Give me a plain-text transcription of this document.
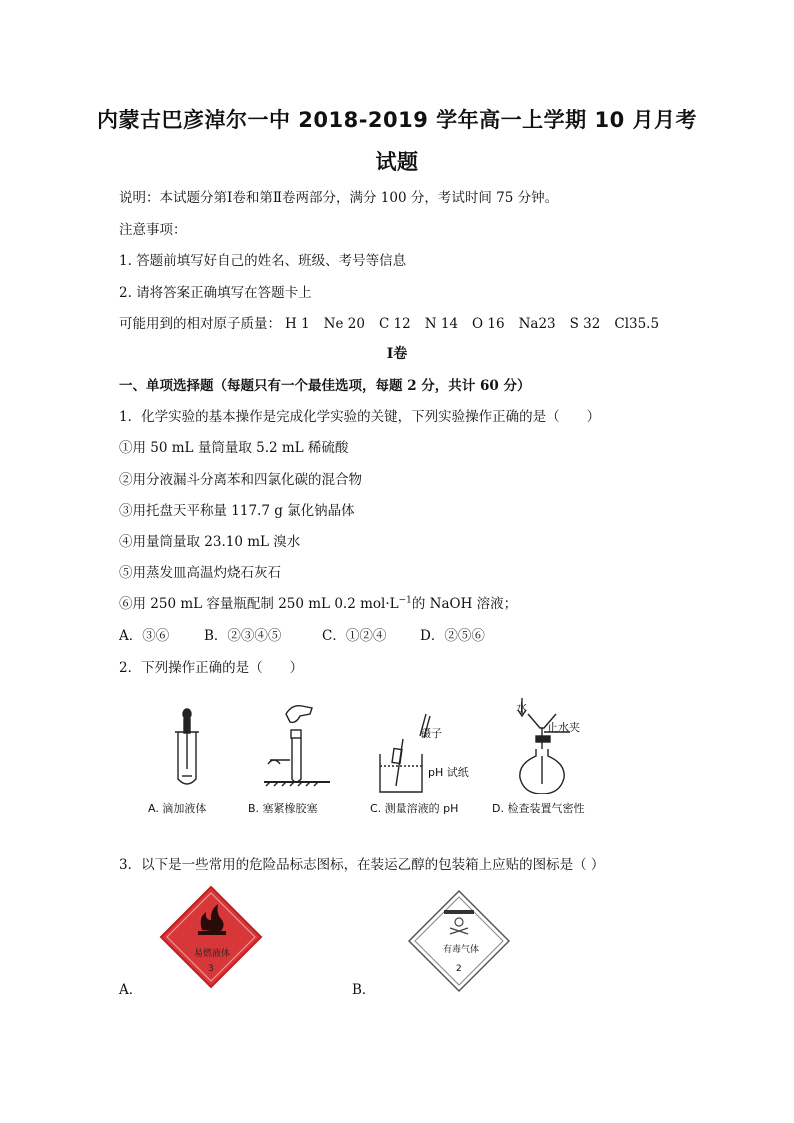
内蒙古巴彦淖尔一中 2018-2019 学年高一上学期 10 月月考
试题
说明：本试题分第Ⅰ卷和第Ⅱ卷两部分，满分 100 分，考试时间 75 分钟。
注意事项：
1. 答题前填写好自己的姓名、班级、考号等信息
2. 请将答案正确填写在答题卡上
可能用到的相对原子质量： H 1 Ne 20 C 12 N 14 O 16 Na23 S 32 Cl35.5
Ⅰ卷
一、单项选择题（每题只有一个最佳选项，每题 2 分，共计 60 分）
1．化学实验的基本操作是完成化学实验的关键，下列实验操作正确的是（　　）
①用 50 mL 量筒量取 5.2 mL 稀硫酸
②用分液漏斗分离苯和四氯化碳的混合物
③用托盘天平称量 117.7 g 氯化钠晶体
④用量筒量取 23.10 mL 溴水
⑤用蒸发皿高温灼烧石灰石
⑥用 250 mL 容量瓶配制 250 mL 0.2 $mol\cdot L^{-1}$的 NaOH 溶液；
A．③⑥	B．②③④⑤	C．①②④ D．②⑤⑥
2．下列操作正确的是（　　）
镊子
pH 试纸
水
止水夹
A. 滴加液体	B. 塞紧橡胶塞	C. 测量溶液的 pH	D. 检查装置气密性
3．以下是一些常用的危险品标志图标，在装运乙醇的包装箱上应贴的图标是（ ）
易燃液体
3
有毒气体
2
A．	B．
